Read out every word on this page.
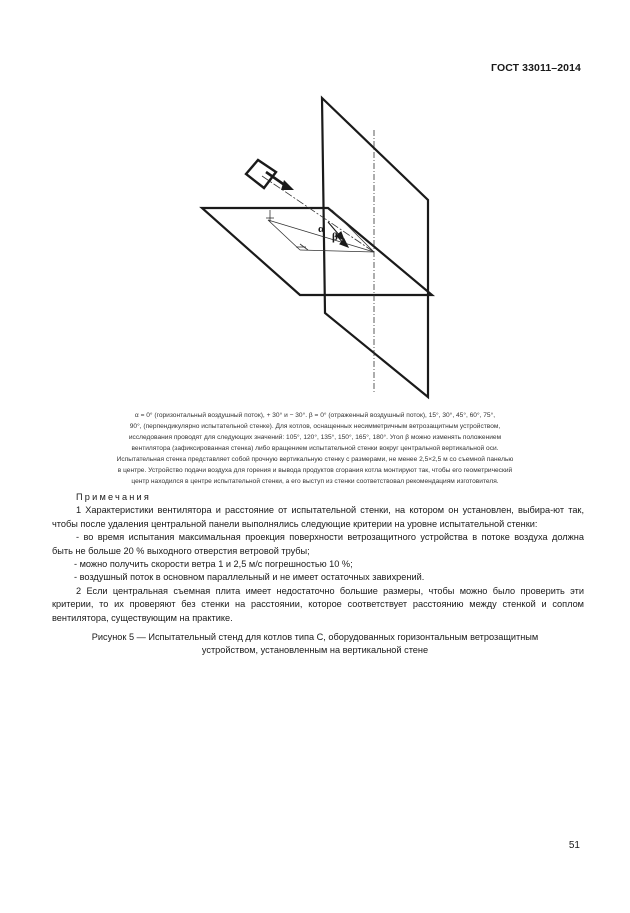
ГОСТ 33011–2014
α
β
α = 0° (горизонтальный воздушный поток), + 30° и − 30°. β = 0° (отраженный воздушный поток), 15°, 30°, 45°, 60°, 75°,
90°, (перпендикулярно испытательной стенке). Для котлов, оснащенных несимметричным ветрозащитным устройством,
исследования проводят для следующих значений: 105°, 120°, 135°, 150°, 165°, 180°. Угол β можно изменять положением
вентилятора (зафиксированная стенка) либо вращением испытательной стенки вокруг центральной вертикальной оси.
Испытательная стенка представляет собой прочную вертикальную стенку с размерами, не менее 2,5×2,5 м со съемной панелью
в центре. Устройство подачи воздуха для горения и вывода продуктов сгорания котла монтируют так, чтобы его геометрический
центр находился в центре испытательной стенки, а его выступ из стенки соответствовал рекомендациям изготовителя.
Примечания
1 Характеристики вентилятора и расстояние от испытательной стенки, на котором он установлен, выбира-ют так, чтобы после удаления центральной панели выполнялись следующие критерии на уровне испытательной стенки:
- во время испытания максимальная проекция поверхности ветрозащитного устройства в потоке воздуха должна быть не больше 20 % выходного отверстия ветровой трубы;
- можно получить скорости ветра 1 и 2,5 м/с погрешностью 10 %;
- воздушный поток в основном параллельный и не имеет остаточных завихрений.
2 Если центральная съемная плита имеет недостаточно большие размеры, чтобы можно было проверить эти критерии, то их проверяют без стенки на расстоянии, которое соответствует расстоянию между стенкой и соплом вентилятора, существующим на практике.
Рисунок 5 — Испытательный стенд для котлов типа С, оборудованных горизонтальным ветрозащитным
устройством, установленным на вертикальной стене
51
